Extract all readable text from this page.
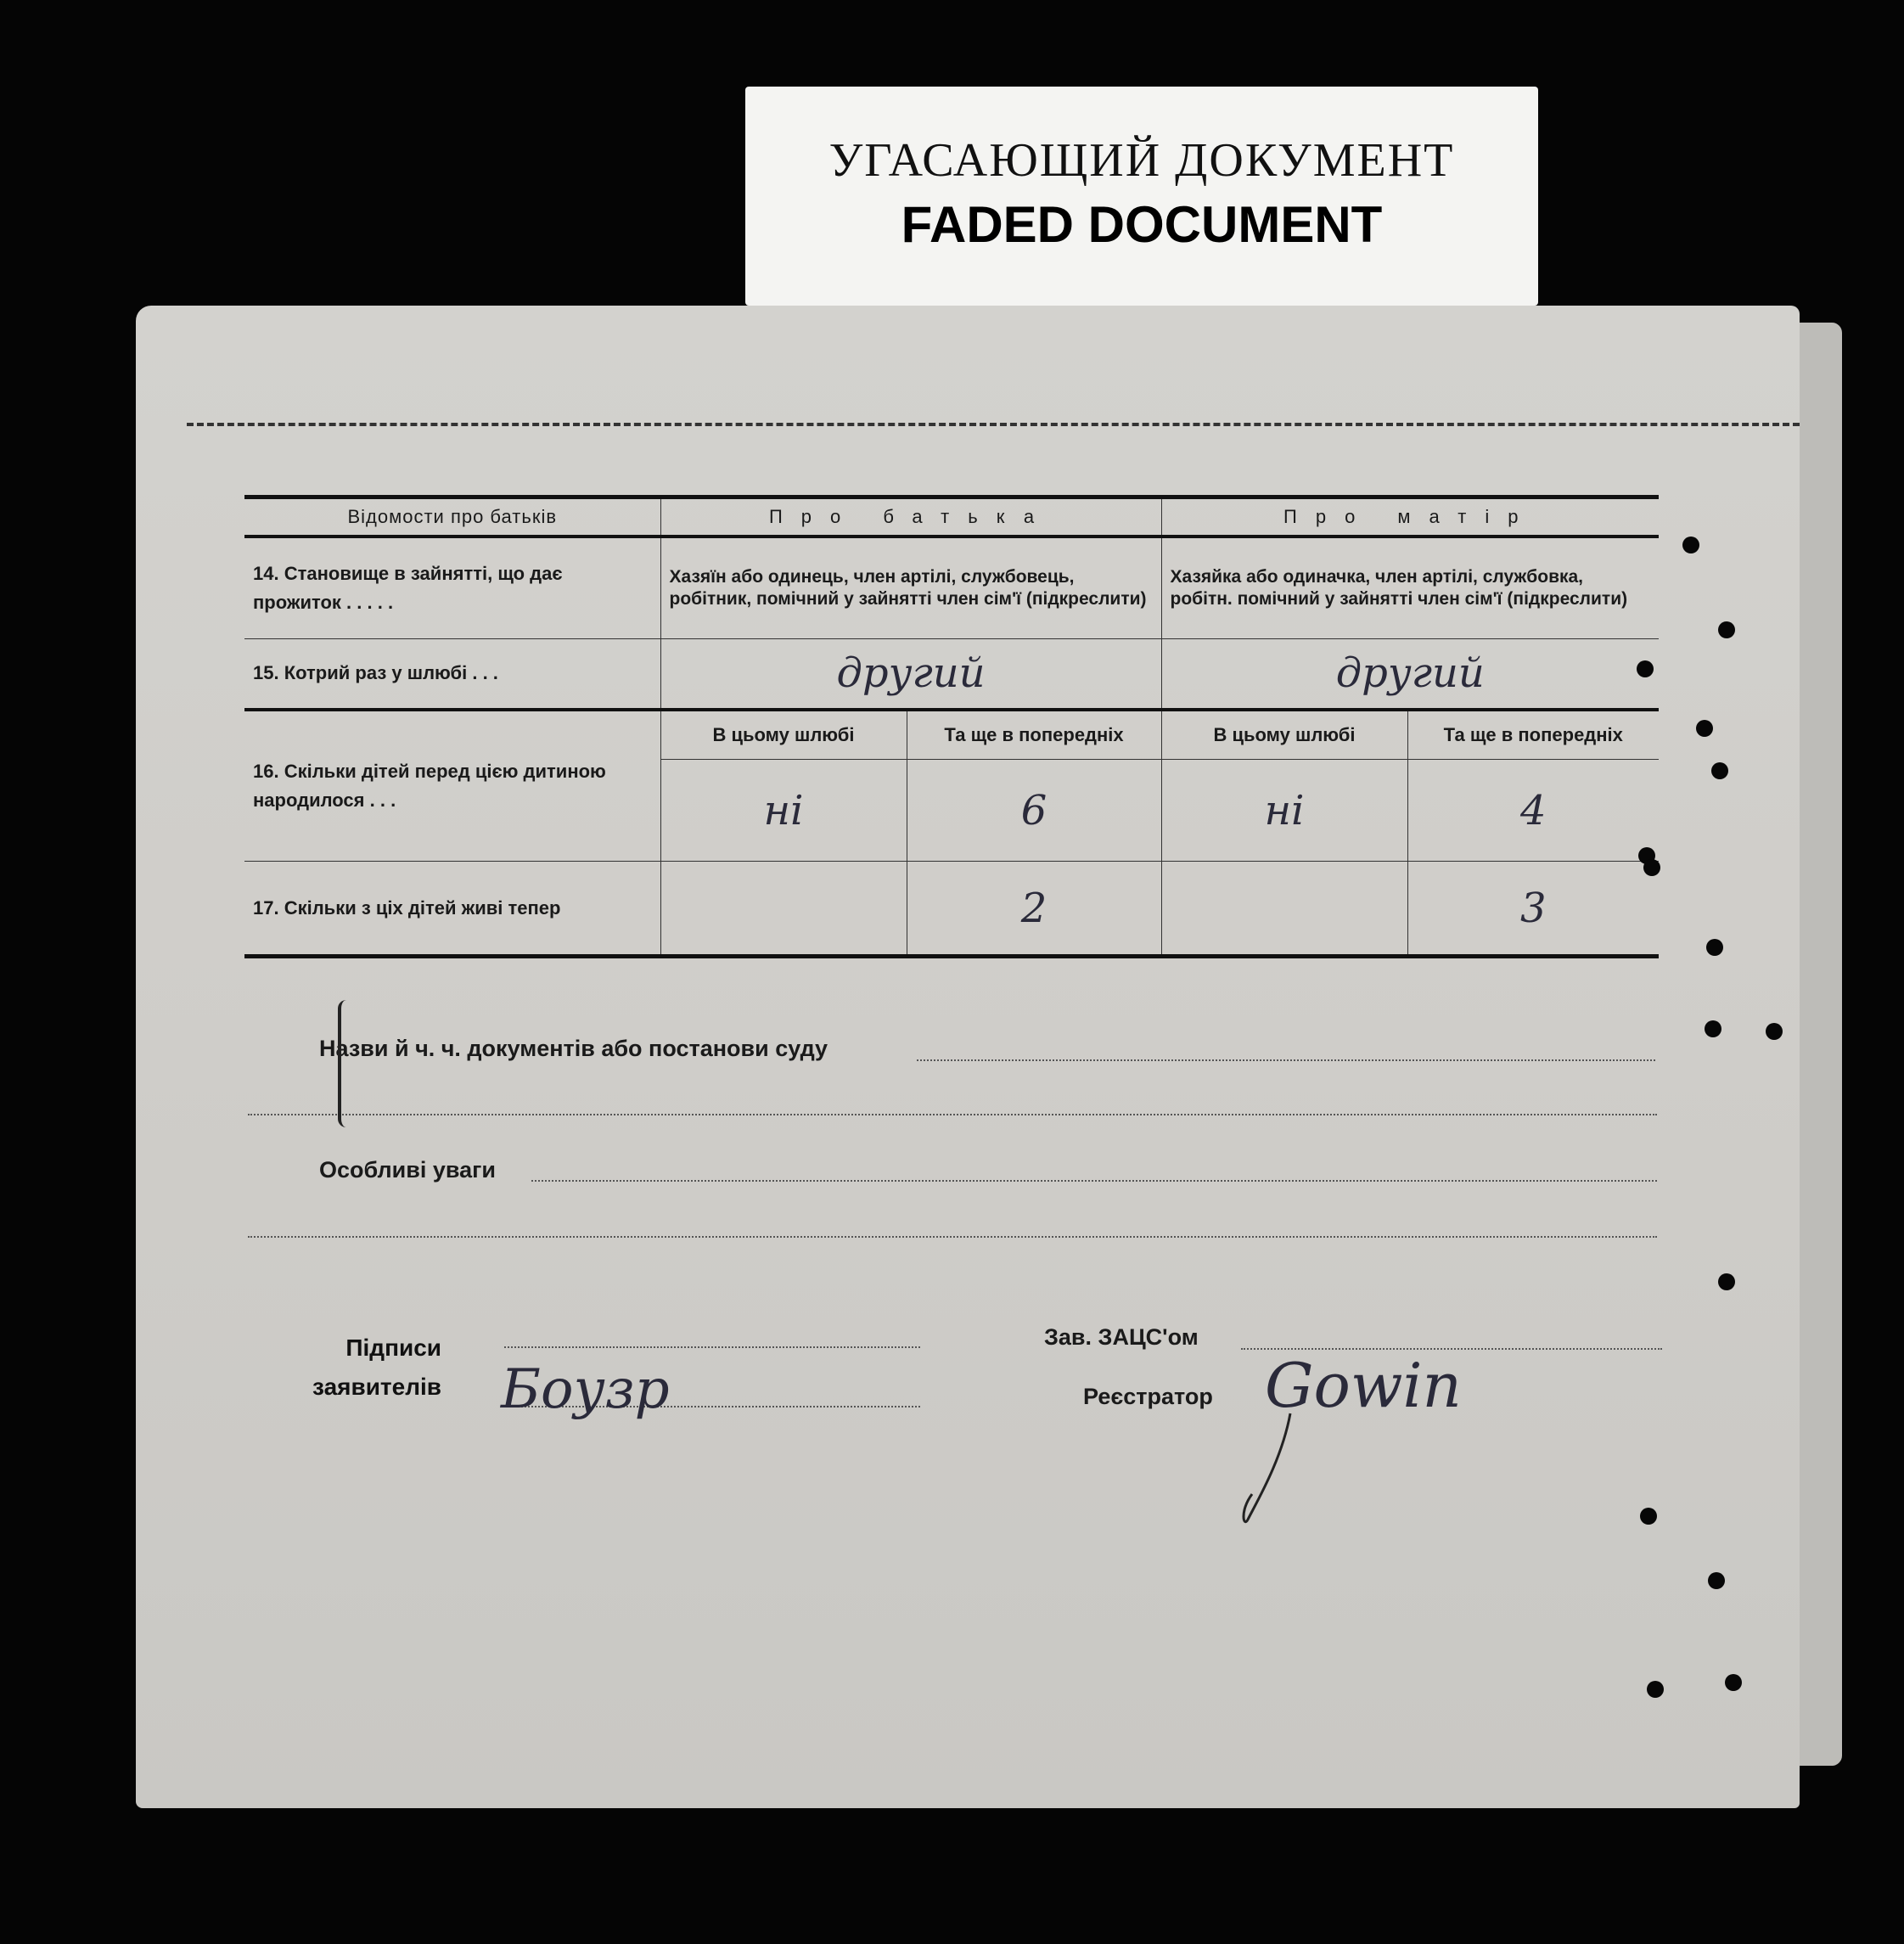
УГАСАЮЩИЙ ДОКУМЕНТ
FADED DOCUMENT
Відомости про батьків	Про батька		Про матір	
14. Становище в зайнятті, що дає прожиток . . . . .	Хазяїн або одинець, член артілі, службовець, робітник, помічний у зайнятті член сім'ї (підкреслити)		Хазяйка або одиначка, член артілі, службовка, робітн. помічний у зайнятті член сім'ї (підкреслити)	
15. Котрий раз у шлюбі . . .	другий		другий	
16. Скільки дітей перед цією дитиною народилося . . .	В цьому шлюбі	Та ще в попередніх	В цьому шлюбі	Та ще в попередніх
	ні	6	ні	4
17. Скільки з ціх дітей живі тепер		2		3
Назви й ч. ч. документів або постанови суду
Особливі уваги
Підписи
заявителів Боузр
Зав. ЗАЦС'ом
Реєстратор Gowin
